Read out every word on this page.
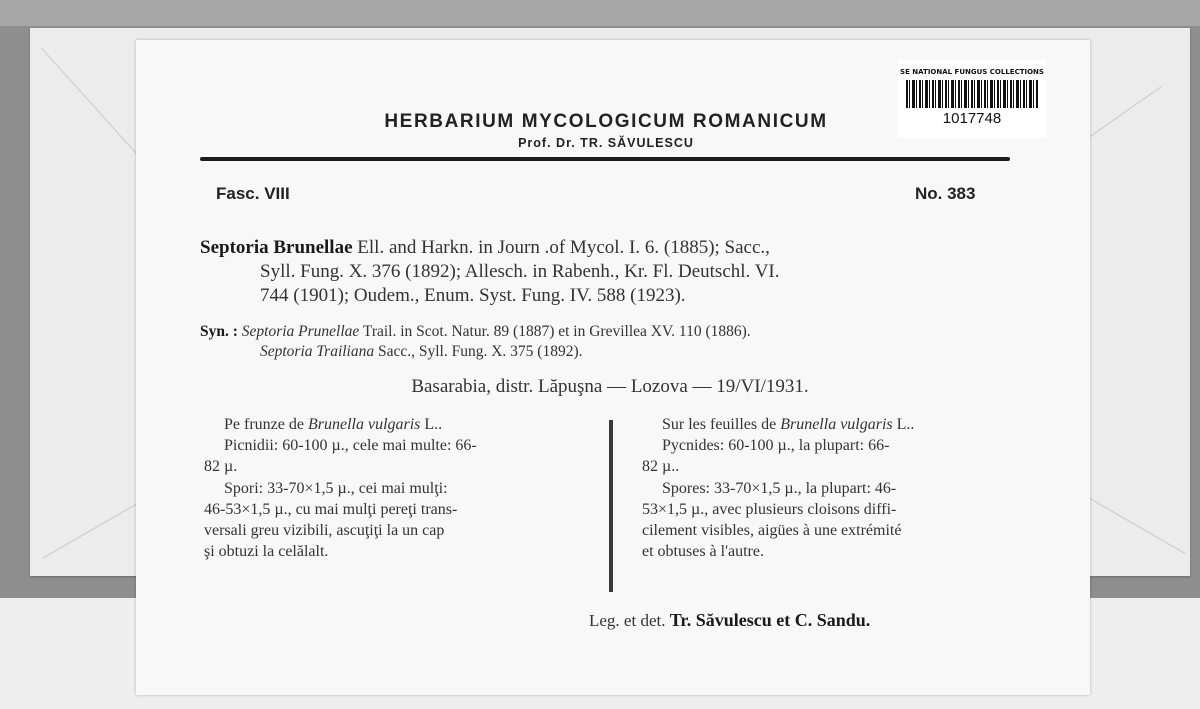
SE NATIONAL FUNGUS COLLECTIONS
1017748
HERBARIUM MYCOLOGICUM ROMANICUM
Prof. Dr. TR. SĂVULESCU
Fasc. VIII	No. 383
Septoria Brunellae Ell. and Harkn. in Journ .of Mycol. I. 6. (1885); Sacc.,
Syll. Fung. X. 376 (1892); Allesch. in Rabenh., Kr. Fl. Deutschl. VI.
744 (1901); Oudem., Enum. Syst. Fung. IV. 588 (1923).
Syn. : Septoria Prunellae Trail. in Scot. Natur. 89 (1887) et in Grevillea XV. 110 (1886).
Septoria Trailiana Sacc., Syll. Fung. X. 375 (1892).
Basarabia, distr. Lăpuşna — Lozova — 19/VI/1931.
Pe frunze de Brunella vulgaris L..
Picnidii: 60-100 µ., cele mai multe: 66-
82 µ.
Spori: 33-70×1,5 µ., cei mai mulţi:
46-53×1,5 µ., cu mai mulţi pereţi trans-
versali greu vizibili, ascuţiţi la un cap
şi obtuzi la celălalt.
Sur les feuilles de Brunella vulgaris L..
Pycnides: 60-100 µ., la plupart: 66-
82 µ..
Spores: 33-70×1,5 µ., la plupart: 46-
53×1,5 µ., avec plusieurs cloisons diffi-
cilement visibles, aigües à une extrémité
et obtuses à l'autre.
Leg. et det. Tr. Săvulescu et C. Sandu.
